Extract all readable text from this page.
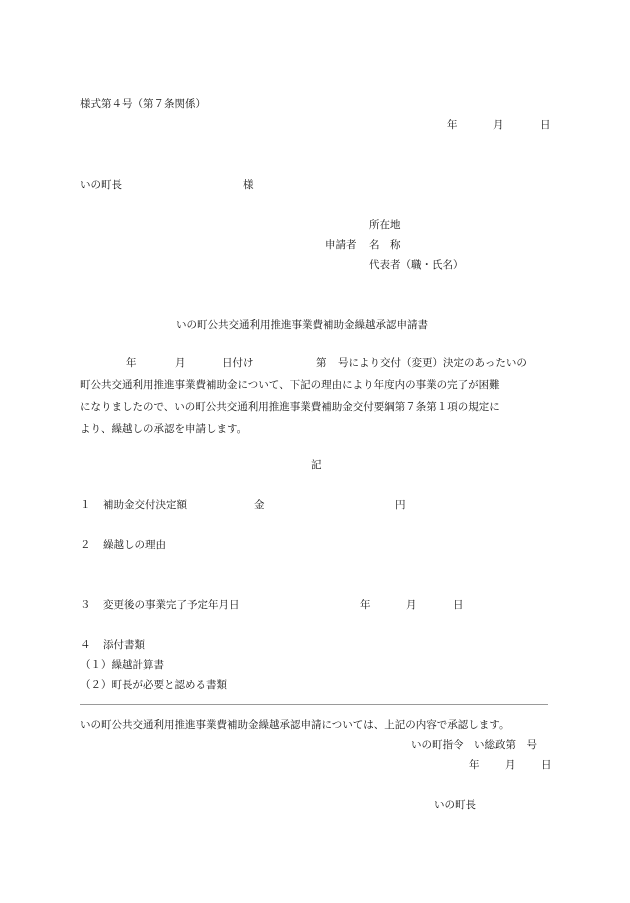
様式第４号（第７条関係）
年	月	日
いの町長	様
所在地
申請者 名　称
代表者（職・氏名）
いの町公共交通利用推進事業費補助金繰越承認申請書

年	月	日付け	第 号により交付（変更）決定のあったいの

町公共交通利用推進事業費補助金について、下記の理由により年度内の事業の完了が困難

になりましたので、いの町公共交通利用推進事業費補助金交付要綱第７条第１項の規定に

より、繰越しの承認を申請します。

記
１ 補助金交付決定額	金	円
２ 繰越しの理由
３ 変更後の事業完了予定年月日	年	月	日
４ 添付書類
（１）繰越計算書
（２）町長が必要と認める書類
いの町公共交通利用推進事業費補助金繰越承認申請については、上記の内容で承認します。
いの町指令　い総政第　号
年 月 日
いの町長
